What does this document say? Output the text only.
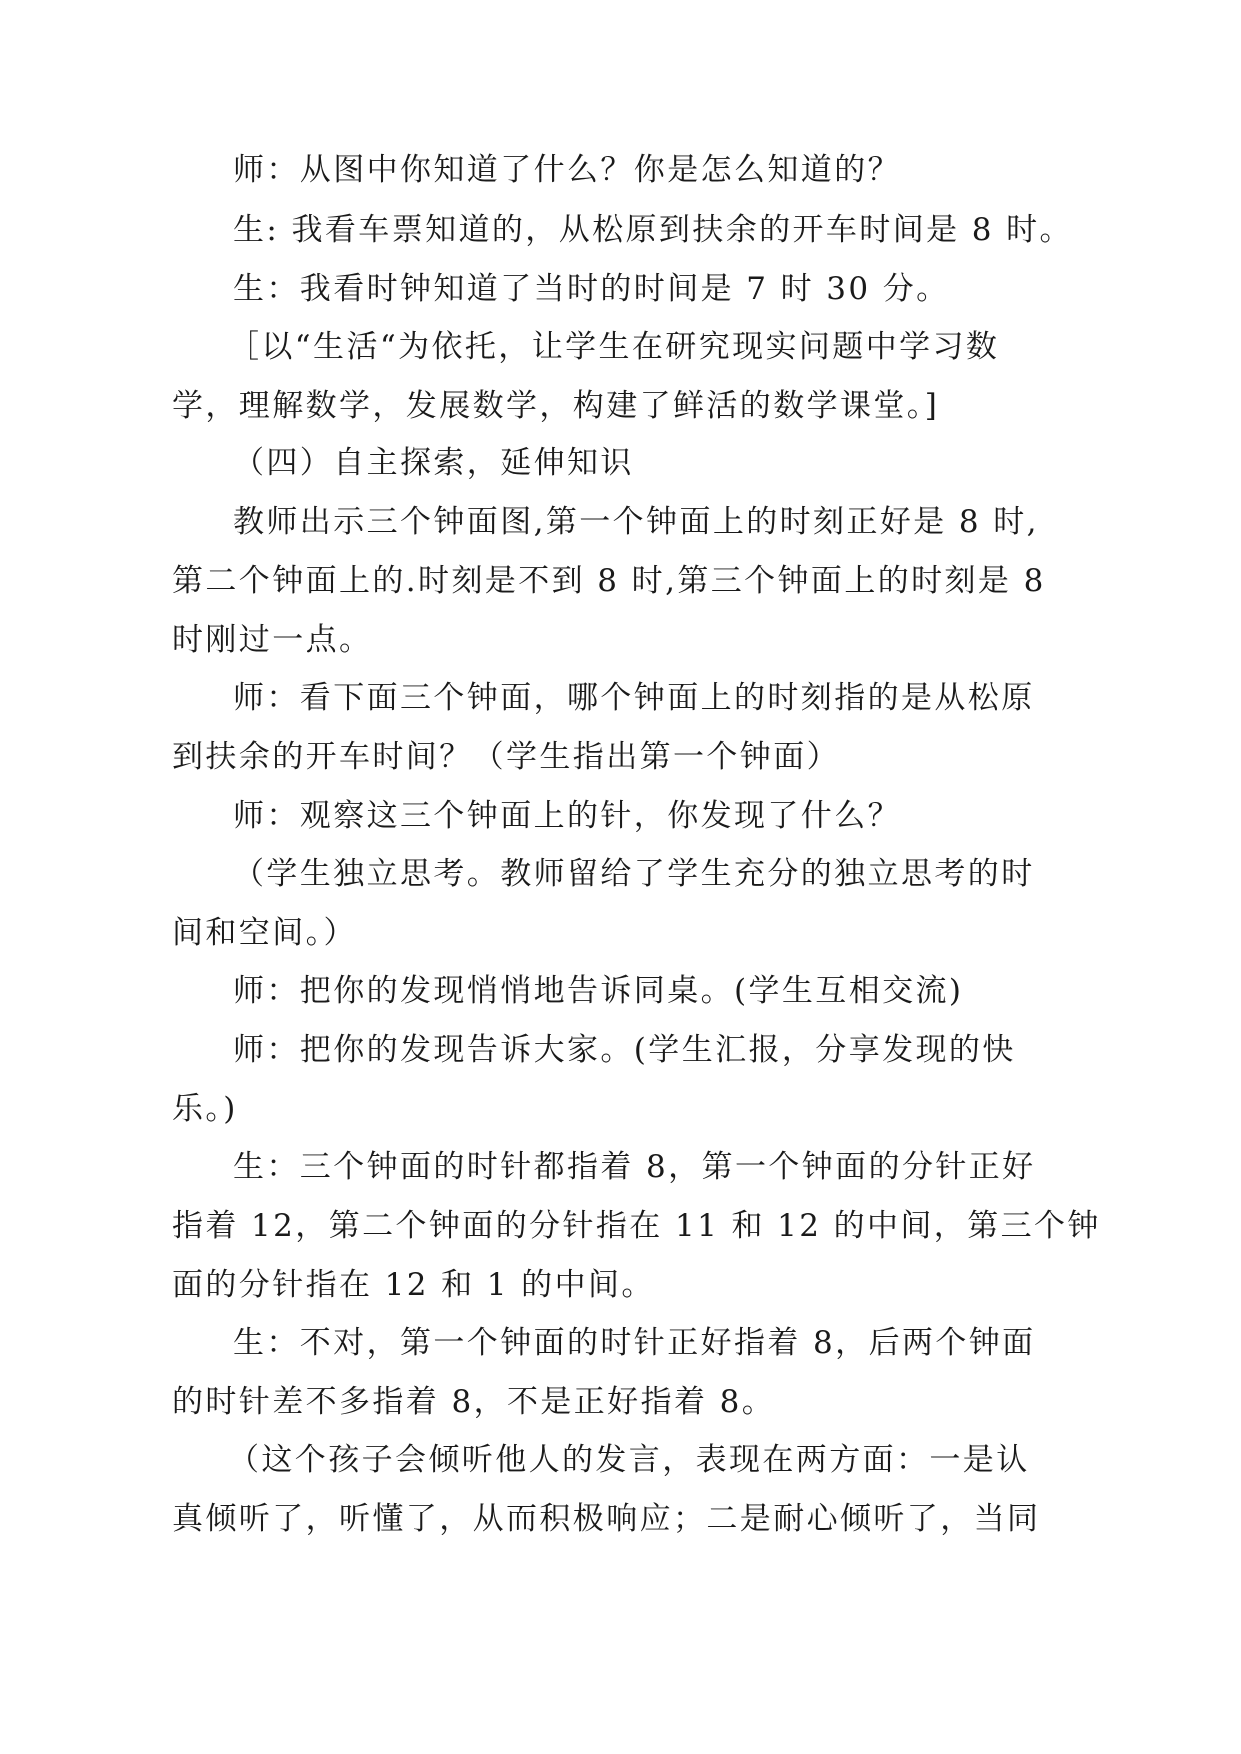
师：从图中你知道了什么？你是怎么知道的？
生: 我看车票知道的，从松原到扶余的开车时间是 8 时。
生：我看时钟知道了当时的时间是 7 时 30 分。
［以“生活“为依托，让学生在研究现实问题中学习数
学，理解数学，发展数学，构建了鲜活的数学课堂。]
（四）自主探索，延伸知识
教师出示三个钟面图,第一个钟面上的时刻正好是 8 时,
第二个钟面上的.时刻是不到 8 时,第三个钟面上的时刻是 8
时刚过一点。
师：看下面三个钟面，哪个钟面上的时刻指的是从松原
到扶余的开车时间？（学生指出第一个钟面）
师：观察这三个钟面上的针，你发现了什么？
（学生独立思考。教师留给了学生充分的独立思考的时
间和空间。）
师：把你的发现悄悄地告诉同桌。(学生互相交流)
师：把你的发现告诉大家。(学生汇报，分享发现的快
乐。)
生：三个钟面的时针都指着 8，第一个钟面的分针正好
指着 12，第二个钟面的分针指在 11 和 12 的中间，第三个钟
面的分针指在 12 和 1 的中间。
生：不对，第一个钟面的时针正好指着 8，后两个钟面
的时针差不多指着 8，不是正好指着 8。
（这个孩子会倾听他人的发言，表现在两方面：一是认
真倾听了，听懂了，从而积极响应；二是耐心倾听了，当同
